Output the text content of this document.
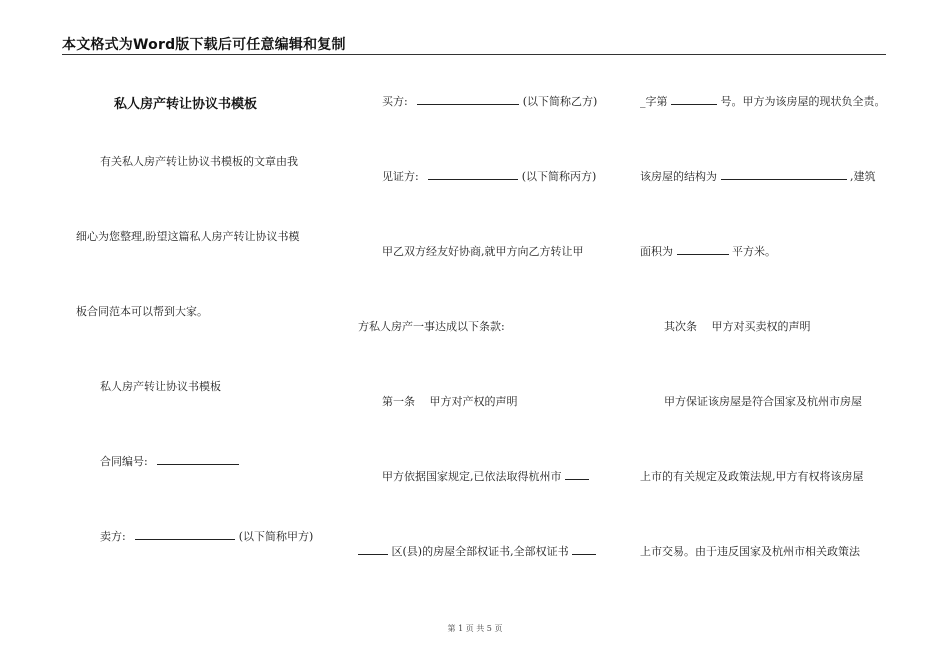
本文格式为Word版下载后可任意编辑和复制
私人房产转让协议书模板
有关私人房产转让协议书模板的文章由我
细心为您整理,盼望这篇私人房产转让协议书模
板合同范本可以帮到大家。
私人房产转让协议书模板
合同编号:
卖方:	(以下简称甲方)
买方:	(以下简称乙方)
见证方:	(以下简称丙方)
甲乙双方经友好协商,就甲方向乙方转让甲
方私人房产一事达成以下条款:
第一条　 甲方对产权的声明
甲方依据国家规定,已依法取得杭州市
区(县)的房屋全部权证书,全部权证书
_字第	号。甲方为该房屋的现状负全责。
该房屋的结构为	,建筑
面积为	平方米。
其次条　 甲方对买卖权的声明
甲方保证该房屋是符合国家及杭州市房屋
上市的有关规定及政策法规,甲方有权将该房屋
上市交易。由于违反国家及杭州市相关政策法
第 1 页 共 5 页
